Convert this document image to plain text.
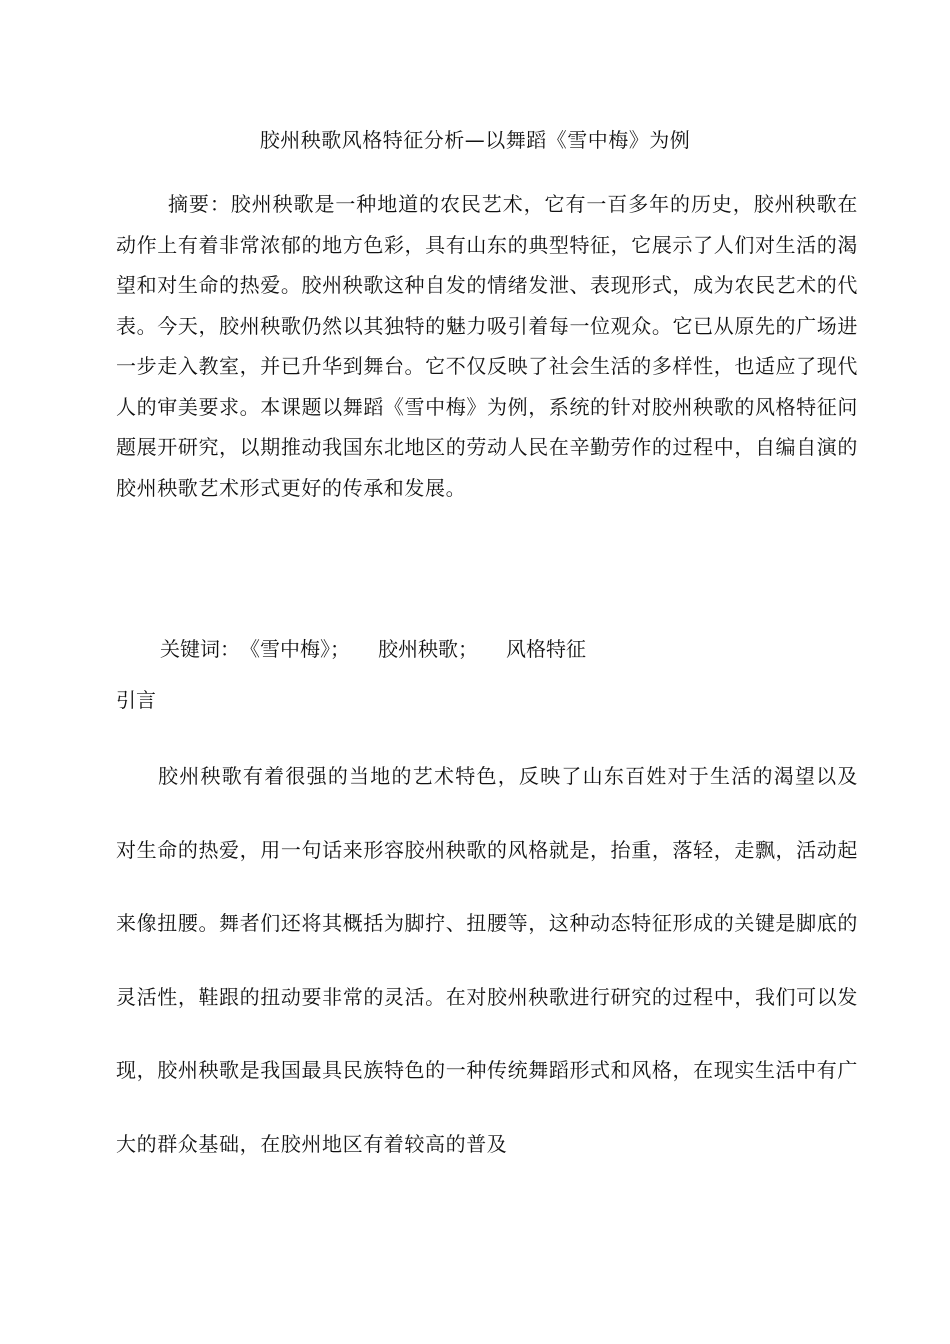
胶州秧歌风格特征分析—以舞蹈《雪中梅》为例

摘要：胶州秧歌是一种地道的农民艺术，它有一百多年的历史，胶州秧歌在动作上有着非常浓郁的地方色彩，具有山东的典型特征，它展示了人们对生活的渴望和对生命的热爱。胶州秧歌这种自发的情绪发泄、表现形式，成为农民艺术的代表。今天，胶州秧歌仍然以其独特的魅力吸引着每一位观众。它已从原先的广场进一步走入教室，并已升华到舞台。它不仅反映了社会生活的多样性，也适应了现代人的审美要求。本课题以舞蹈《雪中梅》为例，系统的针对胶州秧歌的风格特征问题展开研究，以期推动我国东北地区的劳动人民在辛勤劳作的过程中，自编自演的胶州秧歌艺术形式更好的传承和发展。

关键词：《雪中梅》； 胶州秧歌； 风格特征
引言

胶州秧歌有着很强的当地的艺术特色，反映了山东百姓对于生活的渴望以及对生命的热爱，用一句话来形容胶州秧歌的风格就是，抬重，落轻，走飘，活动起来像扭腰。舞者们还将其概括为脚拧、扭腰等，这种动态特征形成的关键是脚底的灵活性，鞋跟的扭动要非常的灵活。在对胶州秧歌进行研究的过程中，我们可以发现，胶州秧歌是我国最具民族特色的一种传统舞蹈形式和风格，在现实生活中有广大的群众基础，在胶州地区有着较高的普及
